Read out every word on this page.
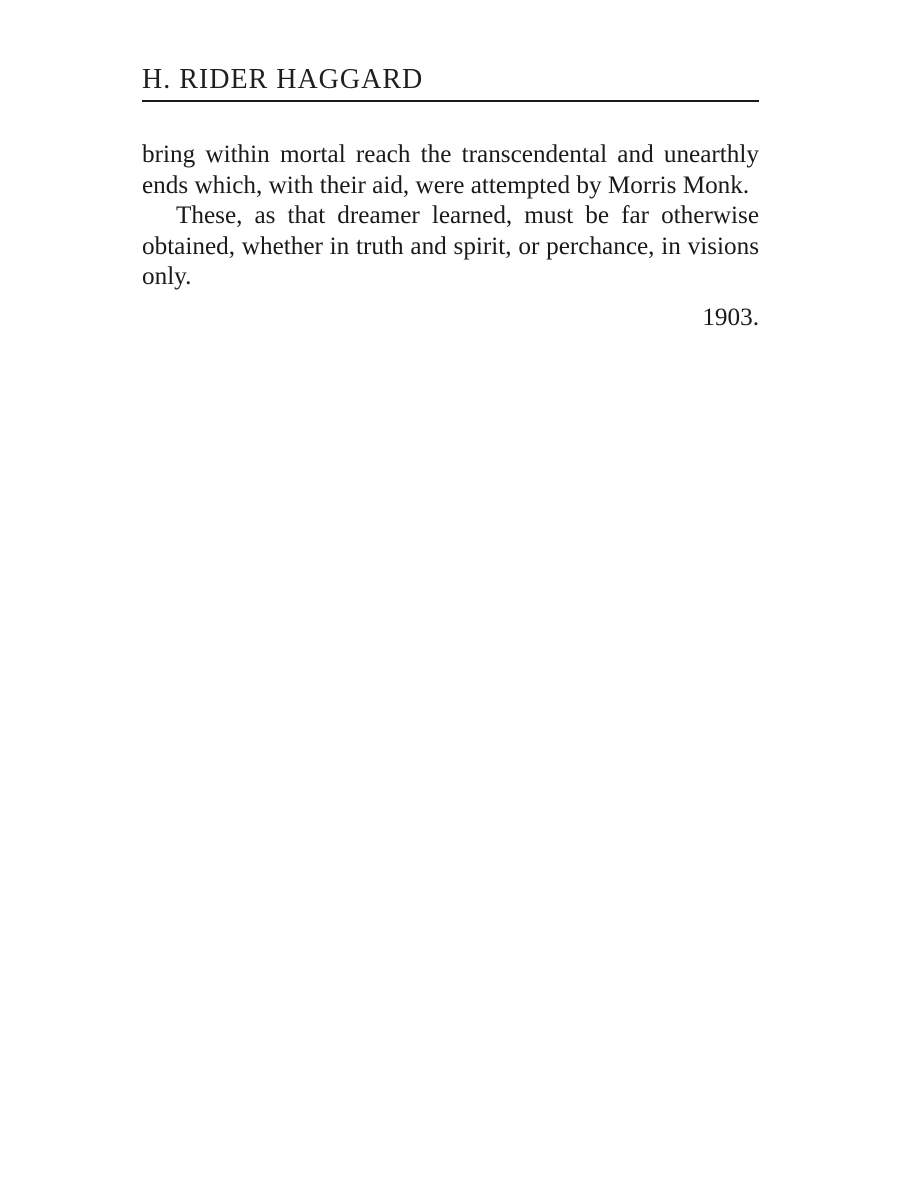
H. RIDER HAGGARD

bring within mortal reach the transcendental and unearthly ends which, with their aid, were attempted by Morris Monk.

These, as that dreamer learned, must be far otherwise obtained, whether in truth and spirit, or perchance, in visions only.

1903.
